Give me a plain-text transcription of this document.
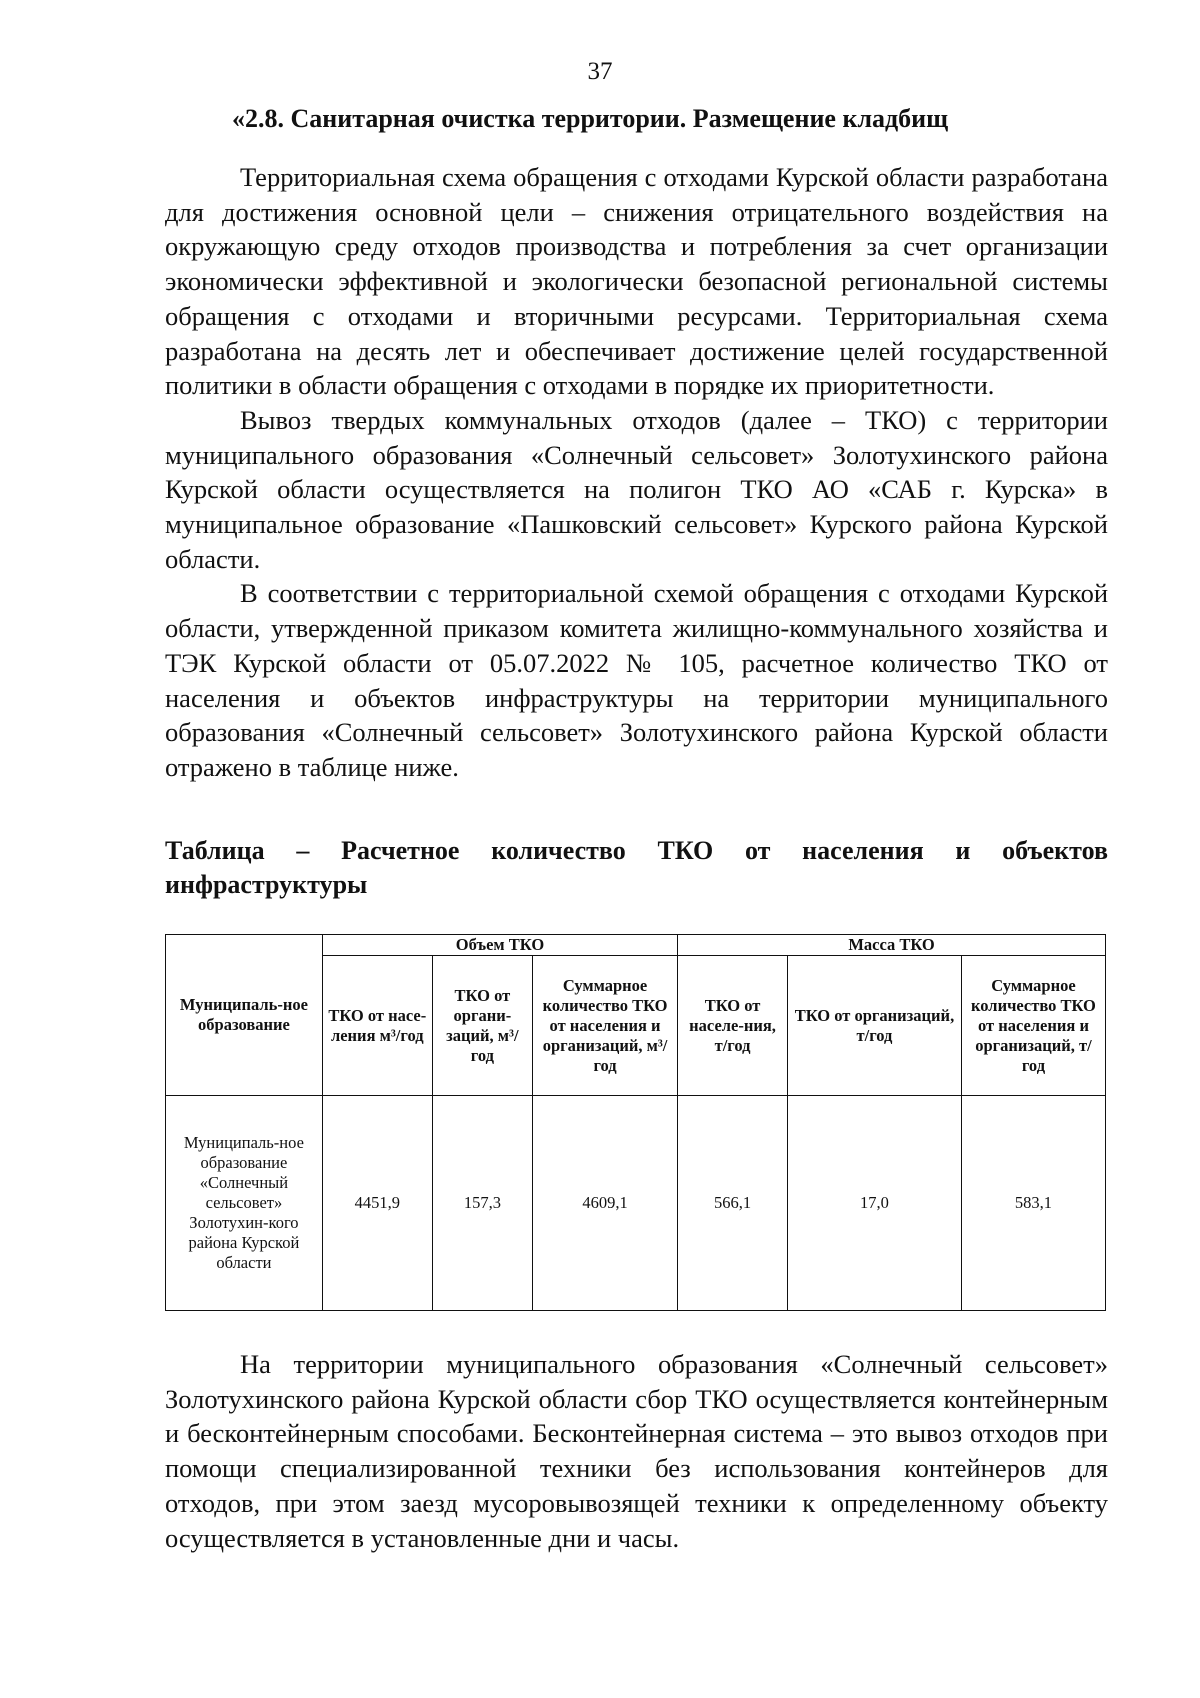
37
«2.8. Санитарная очистка территории. Размещение кладбищ

Территориальная схема обращения с отходами Курской области разработана для достижения основной цели – снижения отрицательного воздействия на окружающую среду отходов производства и потребления за счет организации экономически эффективной и экологически безопасной региональной системы обращения с отходами и вторичными ресурсами. Территориальная схема разработана на десять лет и обеспечивает достижение целей государственной политики в области обращения с отходами в порядке их приоритетности.

Вывоз твердых коммунальных отходов (далее – ТКО) с территории муниципального образования «Солнечный сельсовет» Золотухинского района Курской области осуществляется на полигон ТКО АО «САБ г. Курска» в муниципальное образование «Пашковский сельсовет» Курского района Курской области.

В соответствии с территориальной схемой обращения с отходами Курской области, утвержденной приказом комитета жилищно-коммунального хозяйства и ТЭК Курской области от 05.07.2022 № 105, расчетное количество ТКО от населения и объектов инфраструктуры на территории муниципального образования «Солнечный сельсовет» Золотухинского района Курской области отражено в таблице ниже.

Таблица – Расчетное количество ТКО от населения и объектов инфраструктуры
Муниципаль-ное образование	Объем ТКО			Масса ТКО		
	ТКО от насе-ления м³/год	ТКО от органи-заций, м³/год	Суммарное количество ТКО от населения и организаций, м³/год	ТКО от населе-ния, т/год	ТКО от организаций, т/год	Суммарное количество ТКО от населения и организаций, т/год
Муниципаль-ное образование «Солнечный сельсовет» Золотухин-кого района Курской области	4451,9	157,3	4609,1	566,1	17,0	583,1

На территории муниципального образования «Солнечный сельсовет» Золотухинского района Курской области сбор ТКО осуществляется контейнерным и бесконтейнерным способами. Бесконтейнерная система – это вывоз отходов при помощи специализированной техники без использования контейнеров для отходов, при этом заезд мусоровывозящей техники к определенному объекту осуществляется в установленные дни и часы.
